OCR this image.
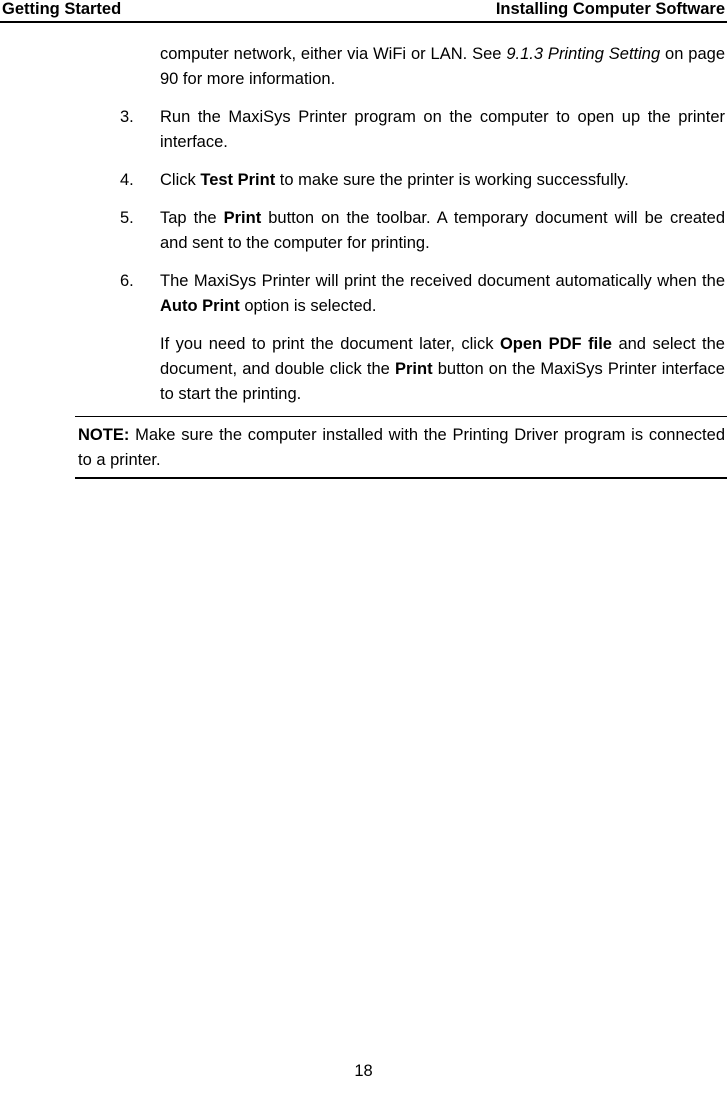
Getting Started	Installing Computer Software
computer network, either via WiFi or LAN. See 9.1.3 Printing Setting on page 90 for more information.
3. Run the MaxiSys Printer program on the computer to open up the printer interface.
4. Click Test Print to make sure the printer is working successfully.
5. Tap the Print button on the toolbar. A temporary document will be created and sent to the computer for printing.
6. The MaxiSys Printer will print the received document automatically when the Auto Print option is selected.
If you need to print the document later, click Open PDF file and select the document, and double click the Print button on the MaxiSys Printer interface to start the printing.
NOTE: Make sure the computer installed with the Printing Driver program is connected to a printer.
18
